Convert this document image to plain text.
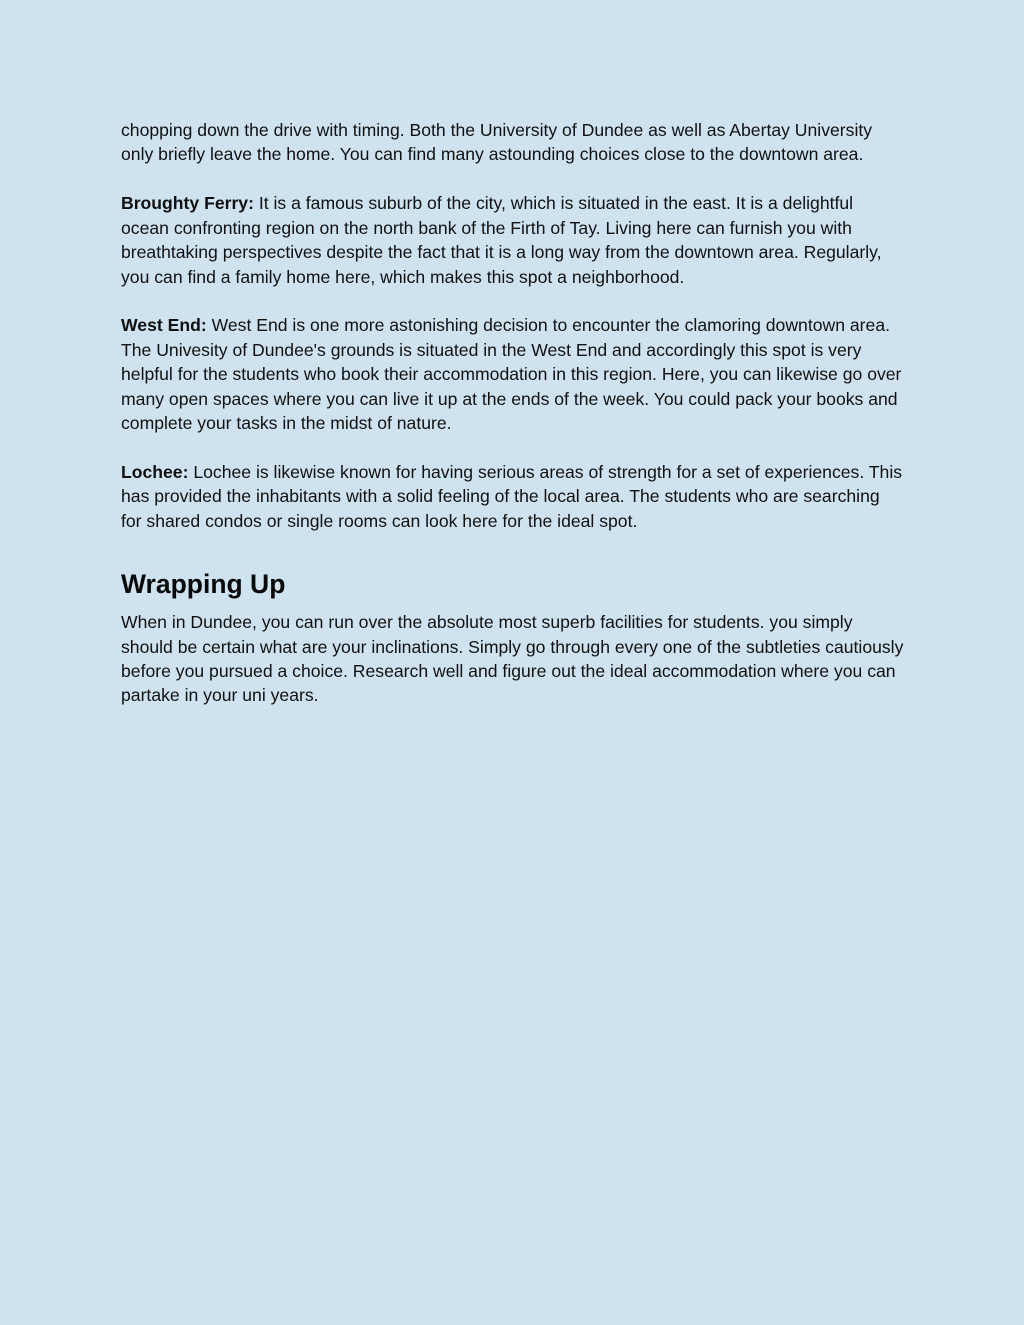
chopping down the drive with timing. Both the University of Dundee as well as Abertay University only briefly leave the home. You can find many astounding choices close to the downtown area.

Broughty Ferry: It is a famous suburb of the city, which is situated in the east. It is a delightful ocean confronting region on the north bank of the Firth of Tay. Living here can furnish you with breathtaking perspectives despite the fact that it is a long way from the downtown area. Regularly, you can find a family home here, which makes this spot a neighborhood.

West End: West End is one more astonishing decision to encounter the clamoring downtown area. The Univesity of Dundee's grounds is situated in the West End and accordingly this spot is very helpful for the students who book their accommodation in this region. Here, you can likewise go over many open spaces where you can live it up at the ends of the week. You could pack your books and complete your tasks in the midst of nature.

Lochee: Lochee is likewise known for having serious areas of strength for a set of experiences. This has provided the inhabitants with a solid feeling of the local area. The students who are searching for shared condos or single rooms can look here for the ideal spot.

Wrapping Up

When in Dundee, you can run over the absolute most superb facilities for students. you simply should be certain what are your inclinations. Simply go through every one of the subtleties cautiously before you pursued a choice. Research well and figure out the ideal accommodation where you can partake in your uni years.
